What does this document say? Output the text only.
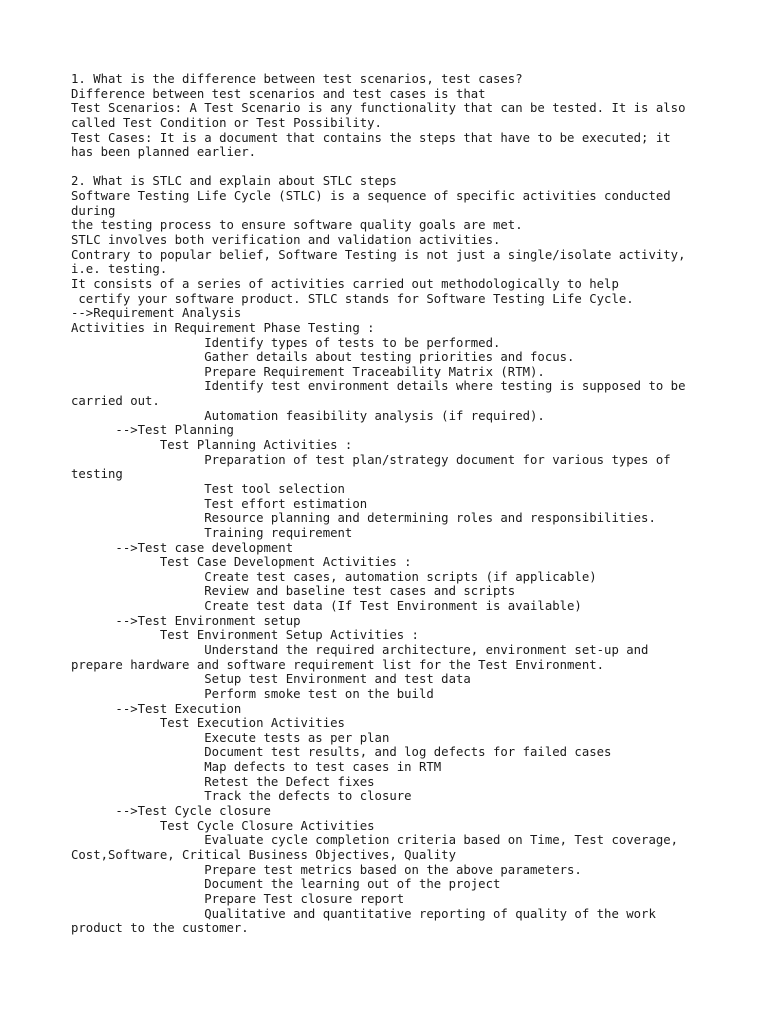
1. What is the difference between test scenarios, test cases?
Difference between test scenarios and test cases is that
Test Scenarios: A Test Scenario is any functionality that can be tested. It is also
called Test Condition or Test Possibility.
Test Cases: It is a document that contains the steps that have to be executed; it
has been planned earlier.
2. What is STLC and explain about STLC steps
Software Testing Life Cycle (STLC) is a sequence of specific activities conducted
during
the testing process to ensure software quality goals are met.
STLC involves both verification and validation activities.
Contrary to popular belief, Software Testing is not just a single/isolate activity,
i.e. testing.
It consists of a series of activities carried out methodologically to help
certify your software product. STLC stands for Software Testing Life Cycle.
-->Requirement Analysis
Activities in Requirement Phase Testing :
Identify types of tests to be performed.
Gather details about testing priorities and focus.
Prepare Requirement Traceability Matrix (RTM).
Identify test environment details where testing is supposed to be
carried out.
Automation feasibility analysis (if required).
-->Test Planning
Test Planning Activities :
Preparation of test plan/strategy document for various types of
testing
Test tool selection
Test effort estimation
Resource planning and determining roles and responsibilities.
Training requirement
-->Test case development
Test Case Development Activities :
Create test cases, automation scripts (if applicable)
Review and baseline test cases and scripts
Create test data (If Test Environment is available)
-->Test Environment setup
Test Environment Setup Activities :
Understand the required architecture, environment set-up and
prepare hardware and software requirement list for the Test Environment.
Setup test Environment and test data
Perform smoke test on the build
-->Test Execution
Test Execution Activities
Execute tests as per plan
Document test results, and log defects for failed cases
Map defects to test cases in RTM
Retest the Defect fixes
Track the defects to closure
-->Test Cycle closure
Test Cycle Closure Activities
Evaluate cycle completion criteria based on Time, Test coverage,
Cost,Software, Critical Business Objectives, Quality
Prepare test metrics based on the above parameters.
Document the learning out of the project
Prepare Test closure report
Qualitative and quantitative reporting of quality of the work
product to the customer.
